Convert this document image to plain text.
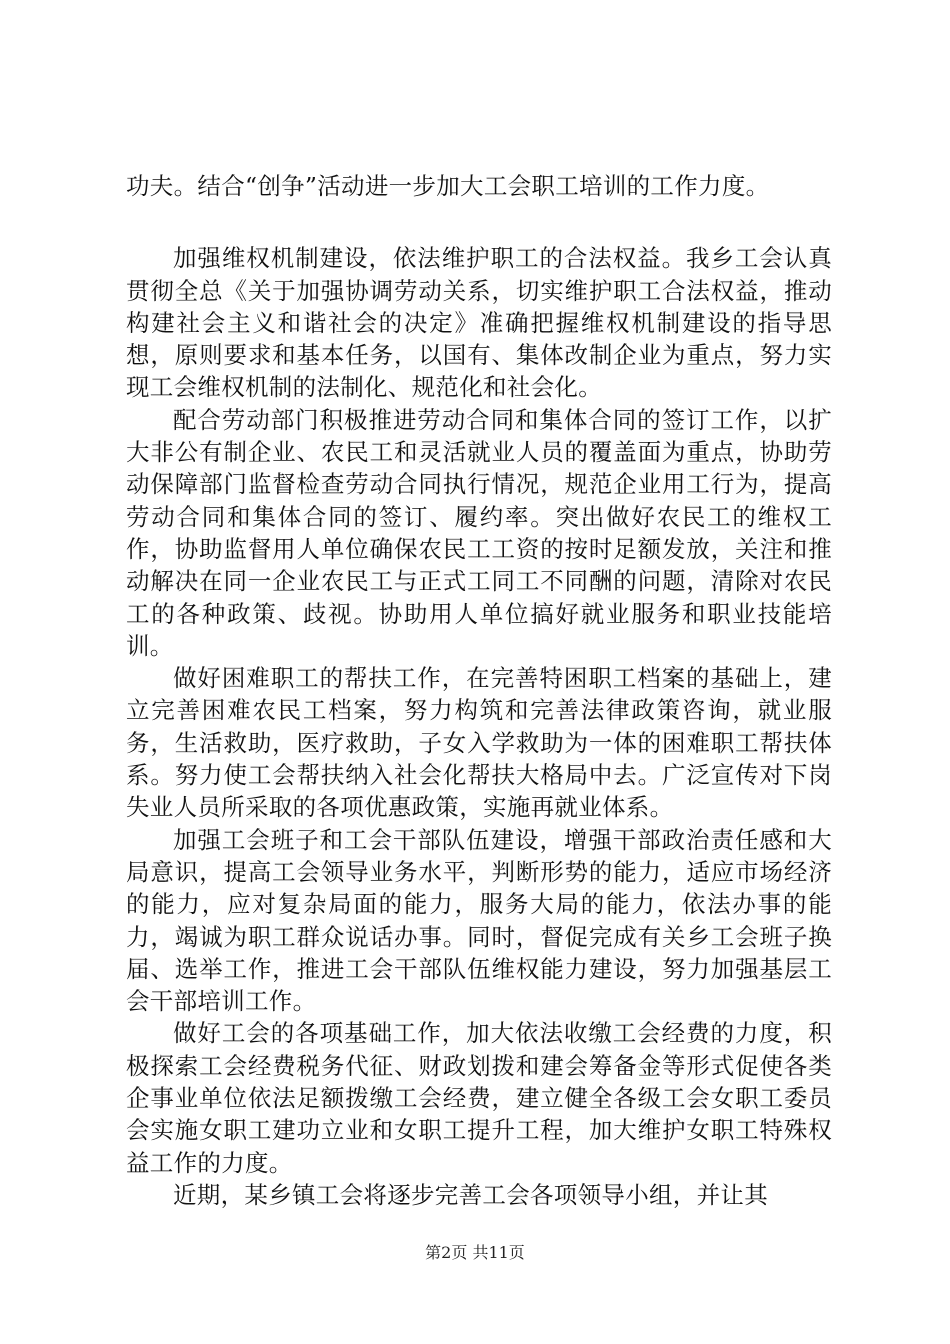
功夫。结合“创争”活动进一步加大工会职工培训的工作力度。

加强维权机制建设，依法维护职工的合法权益。我乡工会认真贯彻全总《关于加强协调劳动关系，切实维护职工合法权益，推动构建社会主义和谐社会的决定》准确把握维权机制建设的指导思想，原则要求和基本任务，以国有、集体改制企业为重点，努力实现工会维权机制的法制化、规范化和社会化。

配合劳动部门积极推进劳动合同和集体合同的签订工作，以扩大非公有制企业、农民工和灵活就业人员的覆盖面为重点，协助劳动保障部门监督检查劳动合同执行情况，规范企业用工行为，提高劳动合同和集体合同的签订、履约率。突出做好农民工的维权工作，协助监督用人单位确保农民工工资的按时足额发放，关注和推动解决在同一企业农民工与正式工同工不同酬的问题，清除对农民工的各种政策、歧视。协助用人单位搞好就业服务和职业技能培训。

做好困难职工的帮扶工作，在完善特困职工档案的基础上，建立完善困难农民工档案，努力构筑和完善法律政策咨询，就业服务，生活救助，医疗救助，子女入学救助为一体的困难职工帮扶体系。努力使工会帮扶纳入社会化帮扶大格局中去。广泛宣传对下岗失业人员所采取的各项优惠政策，实施再就业体系。

加强工会班子和工会干部队伍建设，增强干部政治责任感和大局意识，提高工会领导业务水平，判断形势的能力，适应市场经济的能力，应对复杂局面的能力，服务大局的能力，依法办事的能力，竭诚为职工群众说话办事。同时，督促完成有关乡工会班子换届、选举工作，推进工会干部队伍维权能力建设，努力加强基层工会干部培训工作。

做好工会的各项基础工作，加大依法收缴工会经费的力度，积极探索工会经费税务代征、财政划拨和建会筹备金等形式促使各类企事业单位依法足额拨缴工会经费，建立健全各级工会女职工委员会实施女职工建功立业和女职工提升工程，加大维护女职工特殊权益工作的力度。

近期，某乡镇工会将逐步完善工会各项领导小组，并让其

第2页 共11页
